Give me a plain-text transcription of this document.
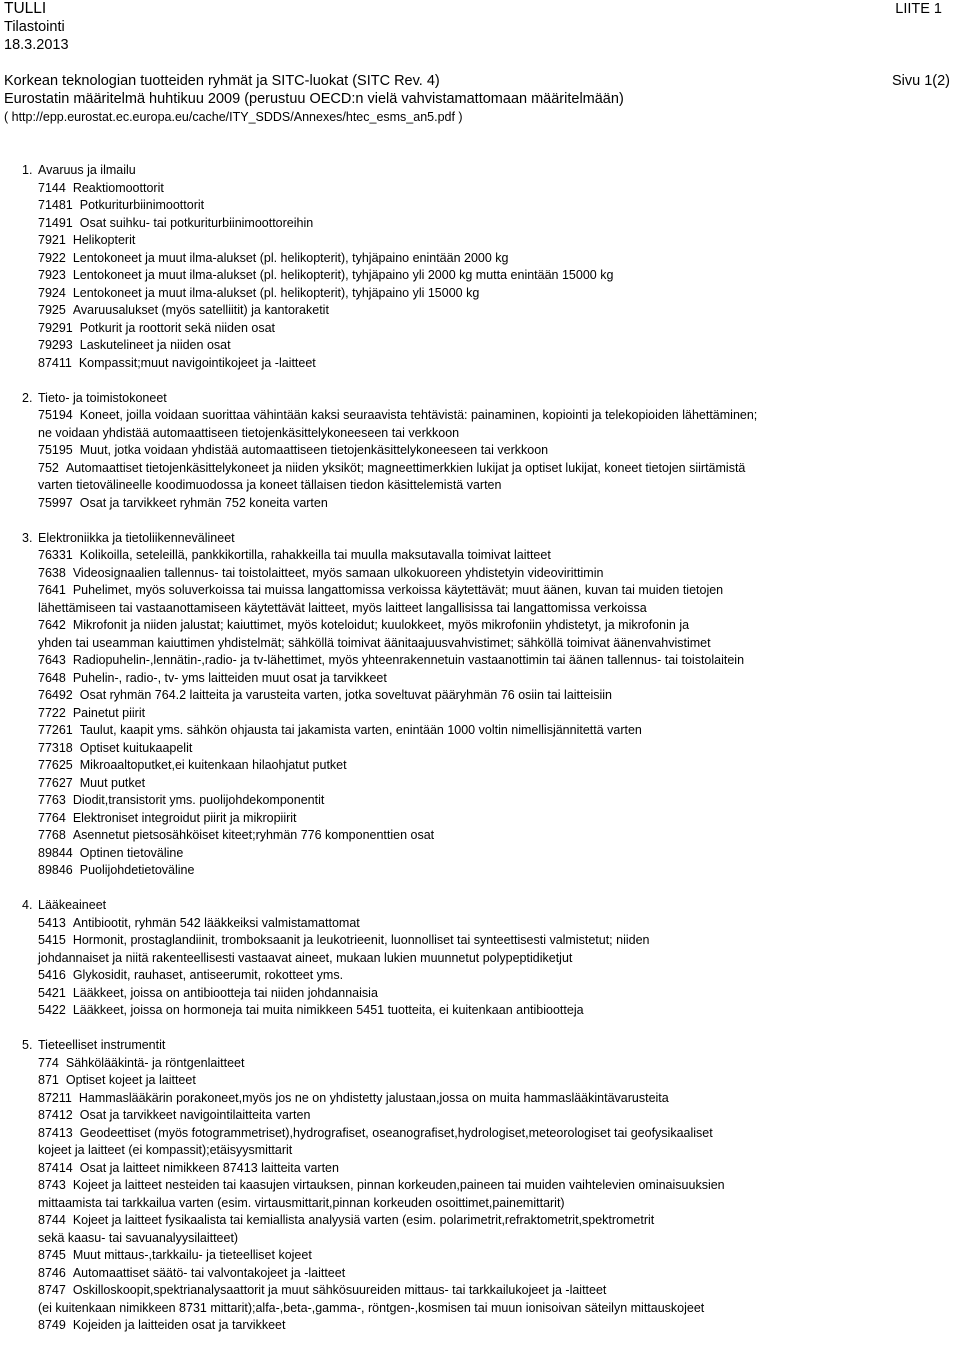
TULLI
Tilastointi
18.3.2013
LIITE 1
Korkean teknologian tuotteiden ryhmät ja SITC-luokat (SITC Rev. 4)
Eurostatin määritelmä huhtikuu 2009 (perustuu OECD:n vielä vahvistamattomaan määritelmään)
( http://epp.eurostat.ec.europa.eu/cache/ITY_SDDS/Annexes/htec_esms_an5.pdf )
Sivu 1(2)
1. Avaruus ja ilmailu
7144 Reaktiomoottorit
71481 Potkuriturbiinimoottorit
71491 Osat suihku- tai potkuriturbiinimoottoreihin
7921 Helikopterit
7922 Lentokoneet ja muut ilma-alukset (pl. helikopterit), tyhjäpaino enintään 2000 kg
7923 Lentokoneet ja muut ilma-alukset (pl. helikopterit), tyhjäpaino yli 2000 kg mutta enintään 15000 kg
7924 Lentokoneet ja muut ilma-alukset (pl. helikopterit), tyhjäpaino yli 15000 kg
7925 Avaruusalukset (myös satelliitit) ja kantoraketit
79291 Potkurit ja roottorit sekä niiden osat
79293 Laskutelineet ja niiden osat
87411 Kompassit;muut navigointikojeet ja -laitteet
2. Tieto- ja toimistokoneet
75194 Koneet, joilla voidaan suorittaa vähintään kaksi seuraavista tehtävistä: painaminen, kopiointi ja telekopioiden lähettäminen;
ne voidaan yhdistää automaattiseen tietojenkäsittelykoneeseen tai verkkoon
75195 Muut, jotka voidaan yhdistää automaattiseen tietojenkäsittelykoneeseen tai verkkoon
752 Automaattiset tietojenkäsittelykoneet ja niiden yksiköt; magneettimerkkien lukijat ja optiset lukijat, koneet tietojen siirtämistä
varten tietovälineelle koodimuodossa ja koneet tällaisen tiedon käsittelemistä varten
75997 Osat ja tarvikkeet ryhmän 752 koneita varten
3. Elektroniikka ja tietoliikennevälineet
76331 Kolikoilla, seteleillä, pankkikortilla, rahakkeilla tai muulla maksutavalla toimivat laitteet
7638 Videosignaalien tallennus- tai toistolaitteet, myös samaan ulkokuoreen yhdistetyin videovirittimin
7641 Puhelimet, myös soluverkoissa tai muissa langattomissa verkoissa käytettävät; muut äänen, kuvan tai muiden tietojen
lähettämiseen tai vastaanottamiseen käytettävät laitteet, myös laitteet langallisissa tai langattomissa verkoissa
7642 Mikrofonit ja niiden jalustat; kaiuttimet, myös koteloidut; kuulokkeet, myös mikrofoniin yhdistetyt, ja mikrofonin ja
yhden tai useamman kaiuttimen yhdistelmät; sähköllä toimivat äänitaajuusvahvistimet; sähköllä toimivat äänenvahvistimet
7643 Radiopuhelin-,lennätin-,radio- ja tv-lähettimet, myös yhteenrakennetuin vastaanottimin tai äänen tallennus- tai toistolaitein
7648 Puhelin-, radio-, tv- yms laitteiden muut osat ja tarvikkeet
76492 Osat ryhmän 764.2 laitteita ja varusteita varten, jotka soveltuvat pääryhmän 76 osiin tai laitteisiin
7722 Painetut piirit
77261 Taulut, kaapit yms. sähkön ohjausta tai jakamista varten, enintään 1000 voltin nimellisjännitettä varten
77318 Optiset kuitukaapelit
77625 Mikroaaltoputket,ei kuitenkaan hilaohjatut putket
77627 Muut putket
7763 Diodit,transistorit yms. puolijohdekomponentit
7764 Elektroniset integroidut piirit ja mikropiirit
7768 Asennetut pietsosähköiset kiteet;ryhmän 776 komponenttien osat
89844 Optinen tietoväline
89846 Puolijohdetietoväline
4. Lääkeaineet
5413 Antibiootit, ryhmän 542 lääkkeiksi valmistamattomat
5415 Hormonit, prostaglandiinit, tromboksaanit ja leukotrieenit, luonnolliset tai synteettisesti valmistetut; niiden
johdannaiset ja niitä rakenteellisesti vastaavat aineet, mukaan lukien muunnetut polypeptidiketjut
5416 Glykosidit, rauhaset, antiseerumit, rokotteet yms.
5421 Lääkkeet, joissa on antibiootteja tai niiden johdannaisia
5422 Lääkkeet, joissa on hormoneja tai muita nimikkeen 5451 tuotteita, ei kuitenkaan antibiootteja
5. Tieteelliset instrumentit
774 Sähkölääkintä- ja röntgenlaitteet
871 Optiset kojeet ja laitteet
87211 Hammaslääkärin porakoneet,myös jos ne on yhdistetty jalustaan,jossa on muita hammaslääkintävarusteita
87412 Osat ja tarvikkeet navigointilaitteita varten
87413 Geodeettiset (myös fotogrammetriset),hydrografiset, oseanografiset,hydrologiset,meteorologiset tai geofysikaaliset
kojeet ja laitteet (ei kompassit);etäisyysmittarit
87414 Osat ja laitteet nimikkeen 87413 laitteita varten
8743 Kojeet ja laitteet nesteiden tai kaasujen virtauksen, pinnan korkeuden,paineen tai muiden vaihtelevien ominaisuuksien
mittaamista tai tarkkailua varten (esim. virtausmittarit,pinnan korkeuden osoittimet,painemittarit)
8744 Kojeet ja laitteet fysikaalista tai kemiallista analyysiä varten (esim. polarimetrit,refraktometrit,spektrometrit
sekä kaasu- tai savuanalyysilaitteet)
8745 Muut mittaus-,tarkkailu- ja tieteelliset kojeet
8746 Automaattiset säätö- tai valvontakojeet ja -laitteet
8747 Oskilloskoopit,spektrianalysaattorit ja muut sähkösuureiden mittaus- tai tarkkailukojeet ja -laitteet
(ei kuitenkaan nimikkeen 8731 mittarit);alfa-,beta-,gamma-, röntgen-,kosmisen tai muun ionisoivan säteilyn mittauskojeet
8749 Kojeiden ja laitteiden osat ja tarvikkeet
